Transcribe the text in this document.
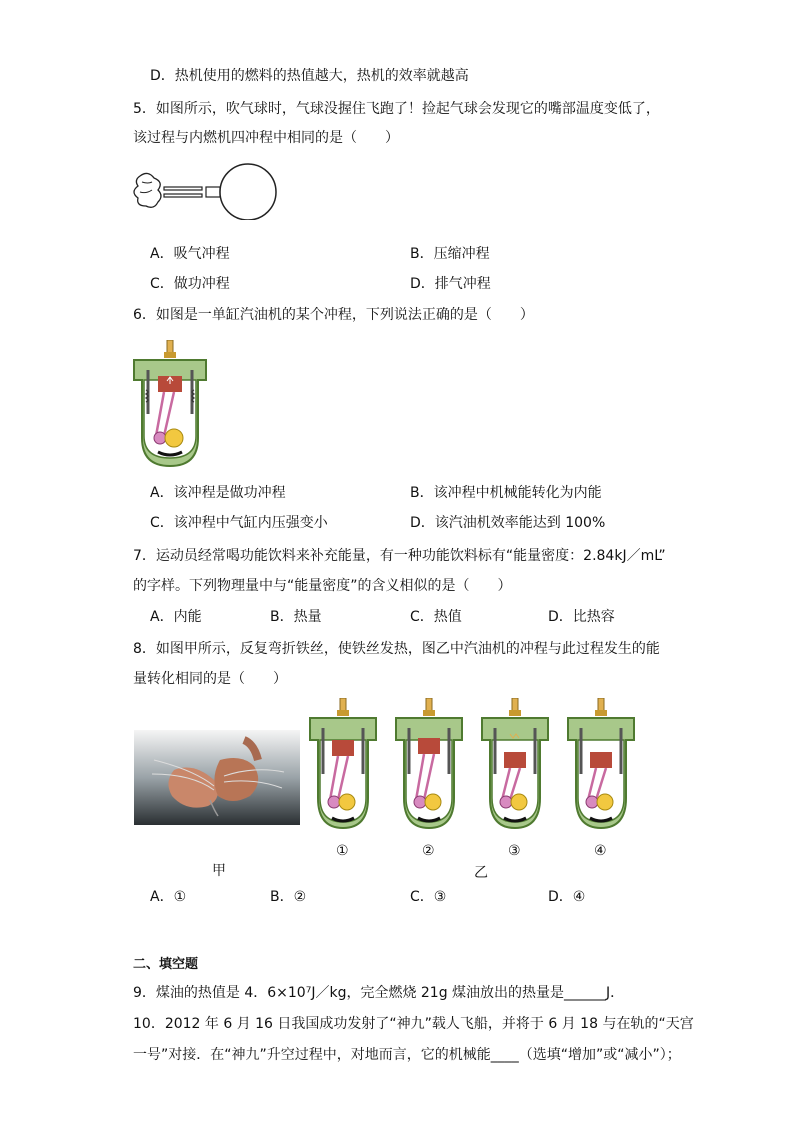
D．热机使用的燃料的热值越大，热机的效率就越高
5．如图所示，吹气球时，气球没握住飞跑了！捡起气球会发现它的嘴部温度变低了，
该过程与内燃机四冲程中相同的是（　　）
A．吸气冲程	B．压缩冲程
C．做功冲程	D．排气冲程
6．如图是一单缸汽油机的某个冲程，下列说法正确的是（　　）
A．该冲程是做功冲程	B．该冲程中机械能转化为内能
C．该冲程中气缸内压强变小	D．该汽油机效率能达到 100%
7．运动员经常喝功能饮料来补充能量，有一种功能饮料标有“能量密度：2.84kJ／mL”
的字样。下列物理量中与“能量密度”的含义相似的是（　　）
A．内能	B．热量	C．热值	D．比热容
8．如图甲所示，反复弯折铁丝，使铁丝发热，图乙中汽油机的冲程与此过程发生的能
量转化相同的是（　　）
①	②	③	④
甲	乙
A．①	B．②	C．③	D．④
二、填空题
9．煤油的热值是 4．6×10⁷J／kg，完全燃烧 21g 煤油放出的热量是______J．
10．2012 年 6 月 16 日我国成功发射了“神九”载人飞船，并将于 6 月 18 与在轨的“天宫
一号”对接．在“神九”升空过程中，对地而言，它的机械能____（选填“增加”或“减小”）；
